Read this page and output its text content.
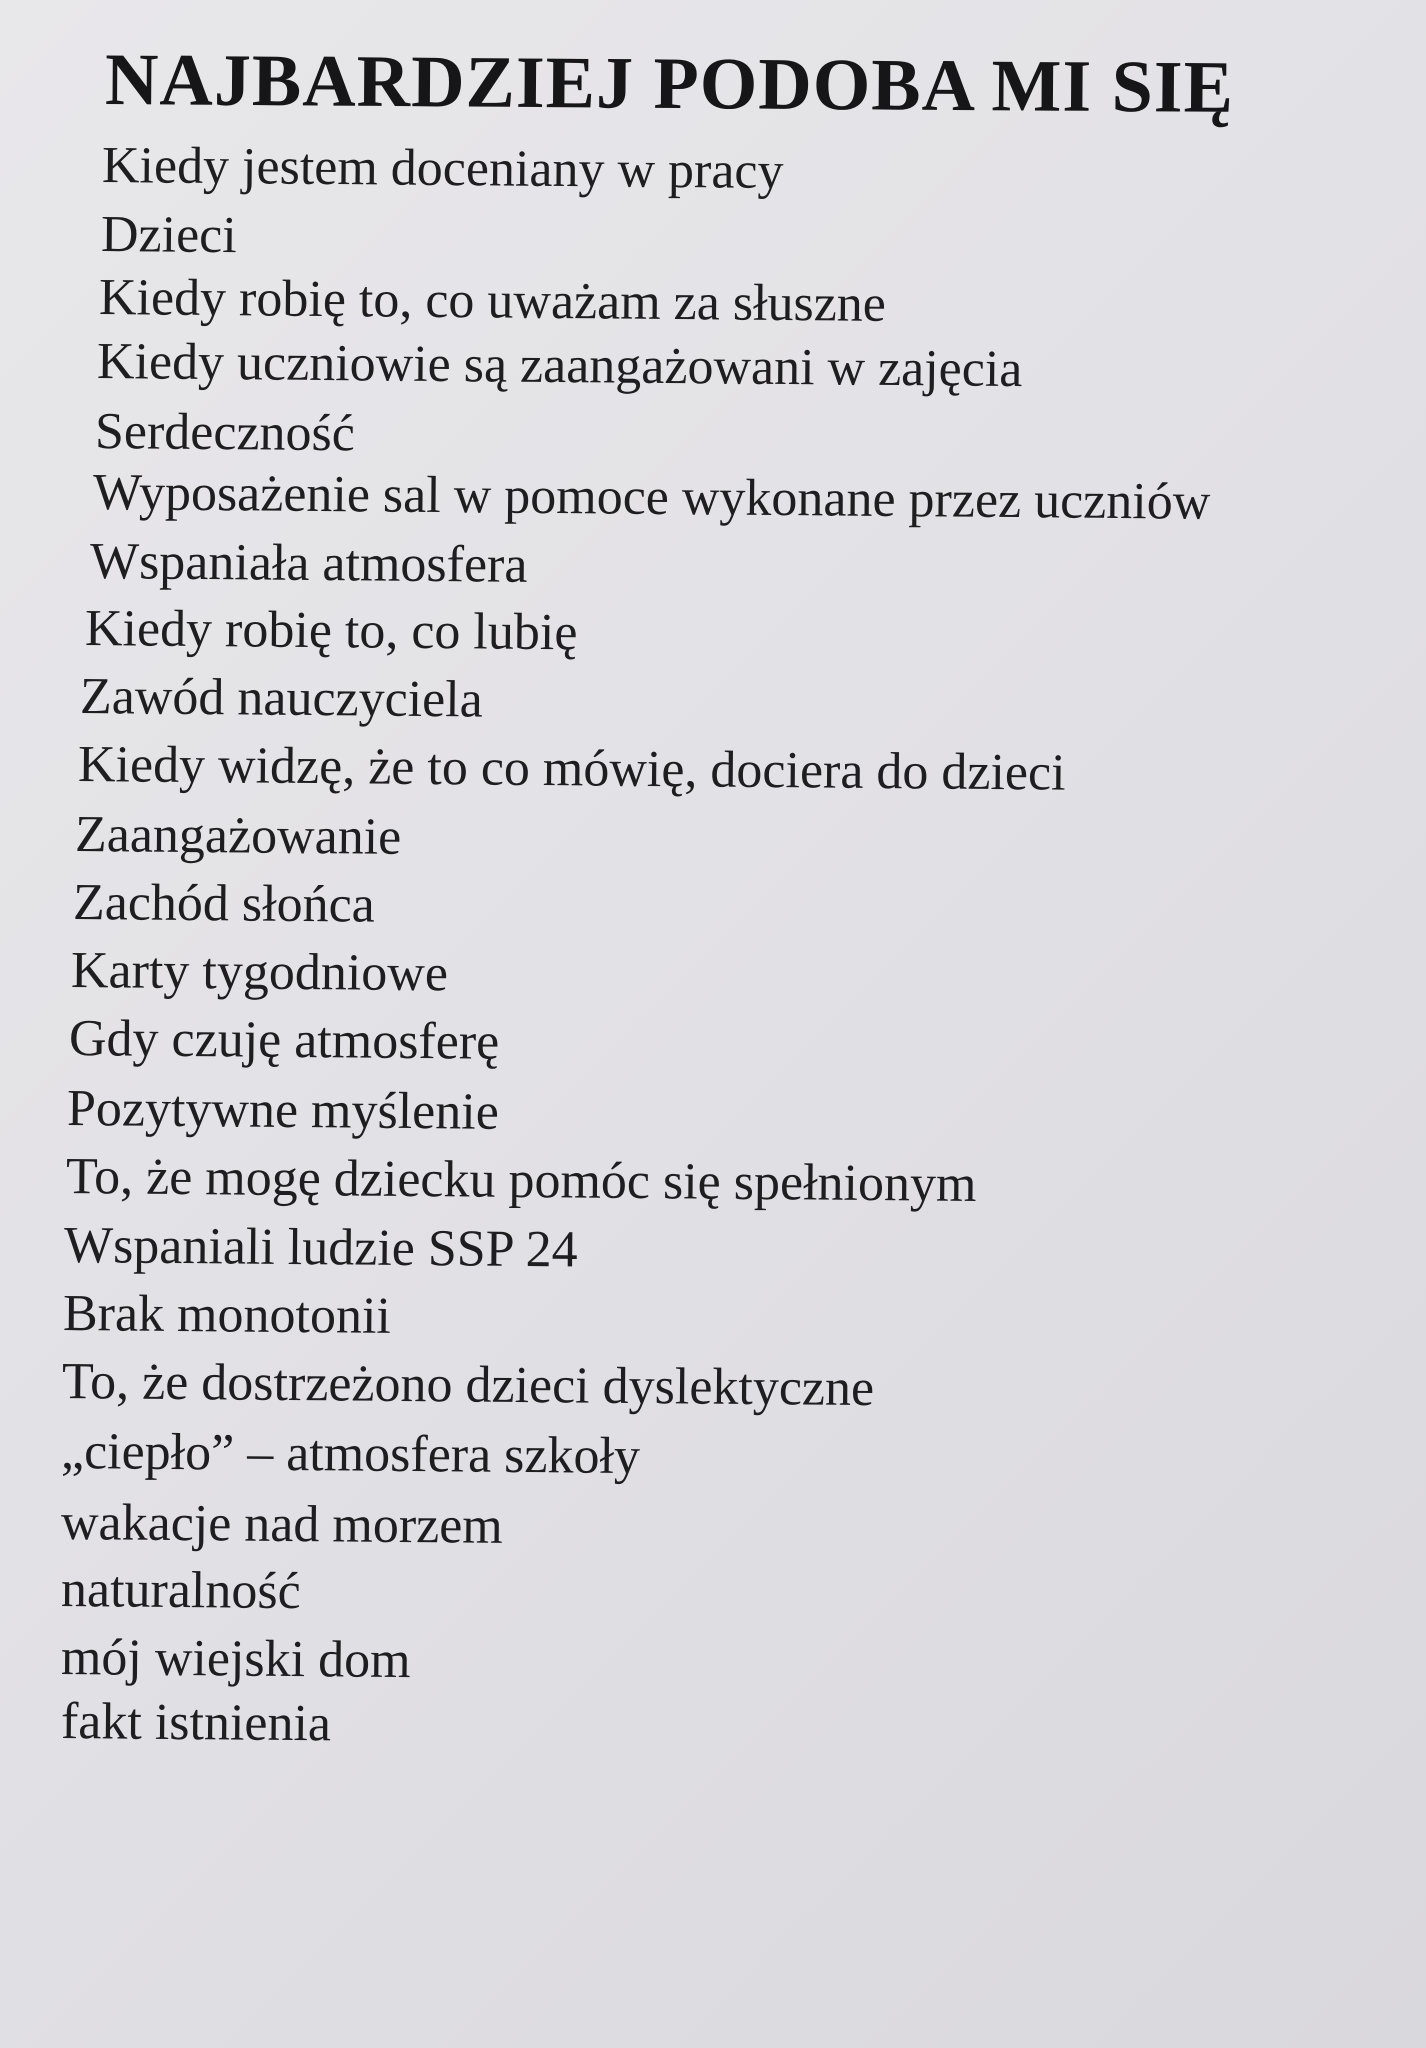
NAJBARDZIEJ PODOBA MI SIĘ
Kiedy jestem doceniany w pracy
Dzieci
Kiedy robię to, co uważam za słuszne
Kiedy uczniowie są zaangażowani w zajęcia
Serdeczność
Wyposażenie sal w pomoce wykonane przez uczniów
Wspaniała atmosfera
Kiedy robię to, co lubię
Zawód nauczyciela
Kiedy widzę, że to co mówię, dociera do dzieci
Zaangażowanie
Zachód słońca
Karty tygodniowe
Gdy czuję atmosferę
Pozytywne myślenie
To, że mogę dziecku pomóc się spełnionym
Wspaniali ludzie SSP 24
Brak monotonii
To, że dostrzeżono dzieci dyslektyczne
„ciepło” – atmosfera szkoły
wakacje nad morzem
naturalność
mój wiejski dom
fakt istnienia
